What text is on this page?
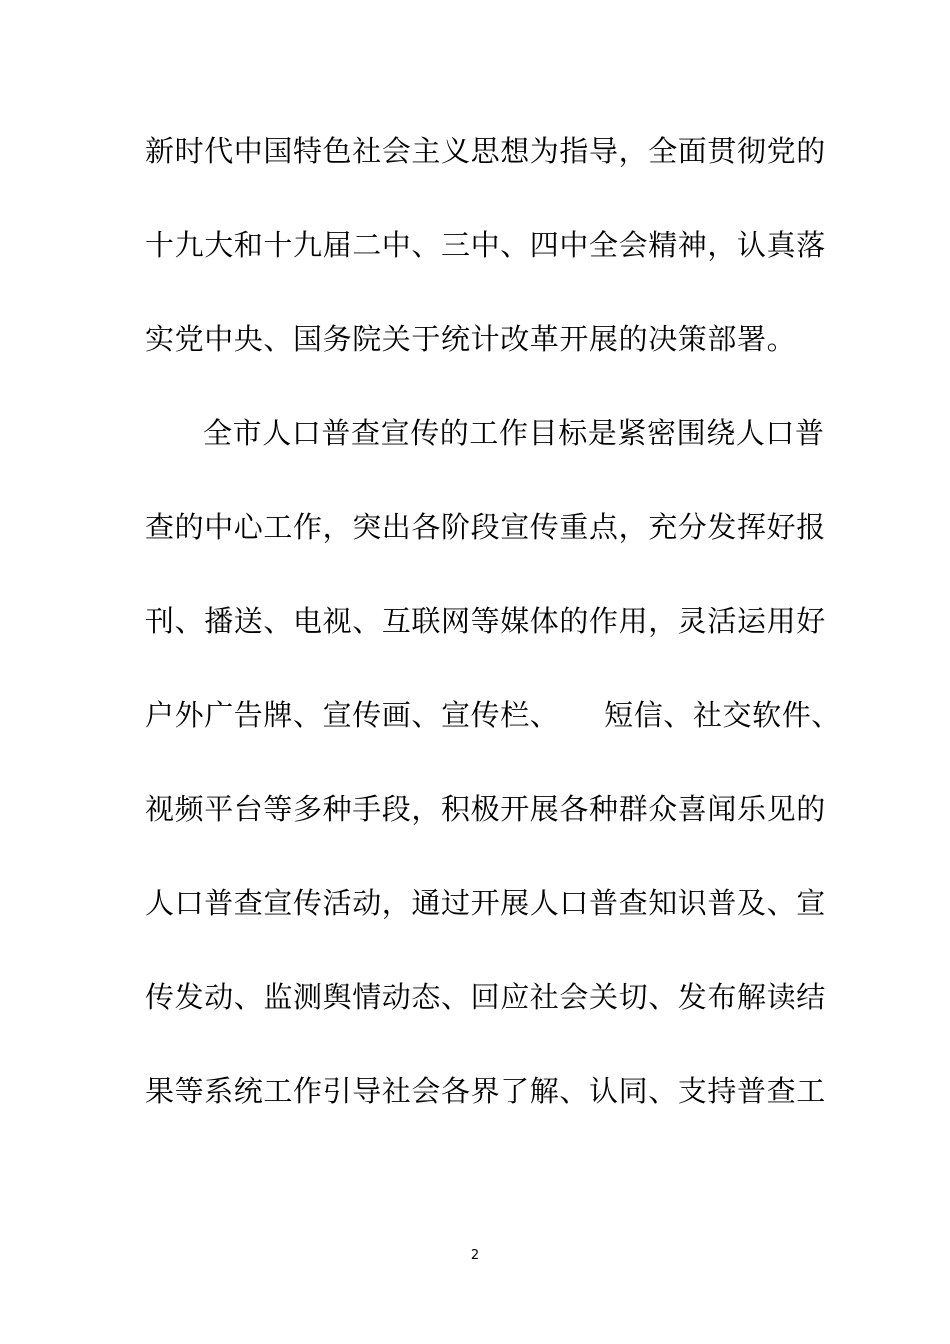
新时代中国特色社会主义思想为指导，全面贯彻党的
十九大和十九届二中、三中、四中全会精神，认真落
实党中央、国务院关于统计改革开展的决策部署。
全市人口普查宣传的工作目标是紧密围绕人口普
查的中心工作，突出各阶段宣传重点，充分发挥好报
刊、播送、电视、互联网等媒体的作用，灵活运用好
户外广告牌、宣传画、宣传栏、　　短信、社交软件、
视频平台等多种手段，积极开展各种群众喜闻乐见的
人口普查宣传活动，通过开展人口普查知识普及、宣
传发动、监测舆情动态、回应社会关切、发布解读结
果等系统工作引导社会各界了解、认同、支持普查工
2
